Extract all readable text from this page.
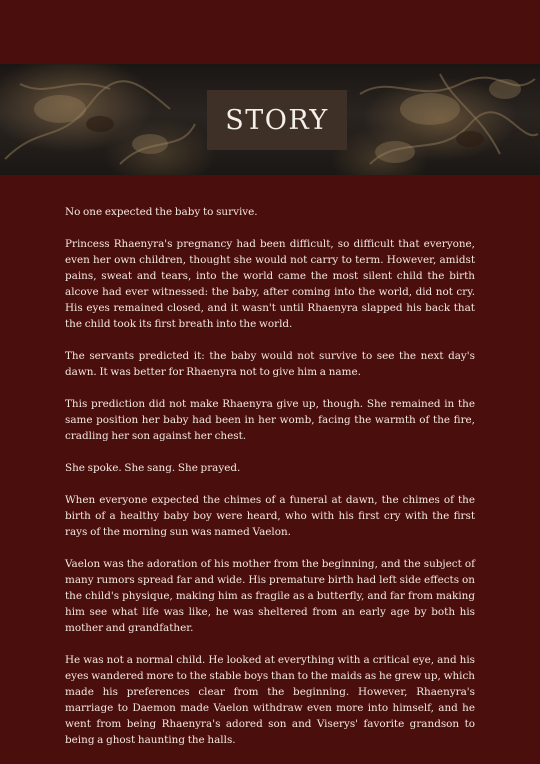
STORY

No one expected the baby to survive.

Princess Rhaenyra's pregnancy had been difficult, so difficult that everyone, even her own children, thought she would not carry to term. However, amidst pains, sweat and tears, into the world came the most silent child the birth alcove had ever witnessed: the baby, after coming into the world, did not cry. His eyes remained closed, and it wasn't until Rhaenyra slapped his back that the child took its first breath into the world.

The servants predicted it: the baby would not survive to see the next day's dawn. It was better for Rhaenyra not to give him a name.

This prediction did not make Rhaenyra give up, though. She remained in the same position her baby had been in her womb, facing the warmth of the fire, cradling her son against her chest.

She spoke. She sang. She prayed.

When everyone expected the chimes of a funeral at dawn, the chimes of the birth of a healthy baby boy were heard, who with his first cry with the first rays of the morning sun was named Vaelon.

Vaelon was the adoration of his mother from the beginning, and the subject of many rumors spread far and wide. His premature birth had left side effects on the child's physique, making him as fragile as a butterfly, and far from making him see what life was like, he was sheltered from an early age by both his mother and grandfather.

He was not a normal child. He looked at everything with a critical eye, and his eyes wandered more to the stable boys than to the maids as he grew up, which made his preferences clear from the beginning. However, Rhaenyra's marriage to Daemon made Vaelon withdraw even more into himself, and he went from being Rhaenyra's adored son and Viserys' favorite grandson to being a ghost haunting the halls.
